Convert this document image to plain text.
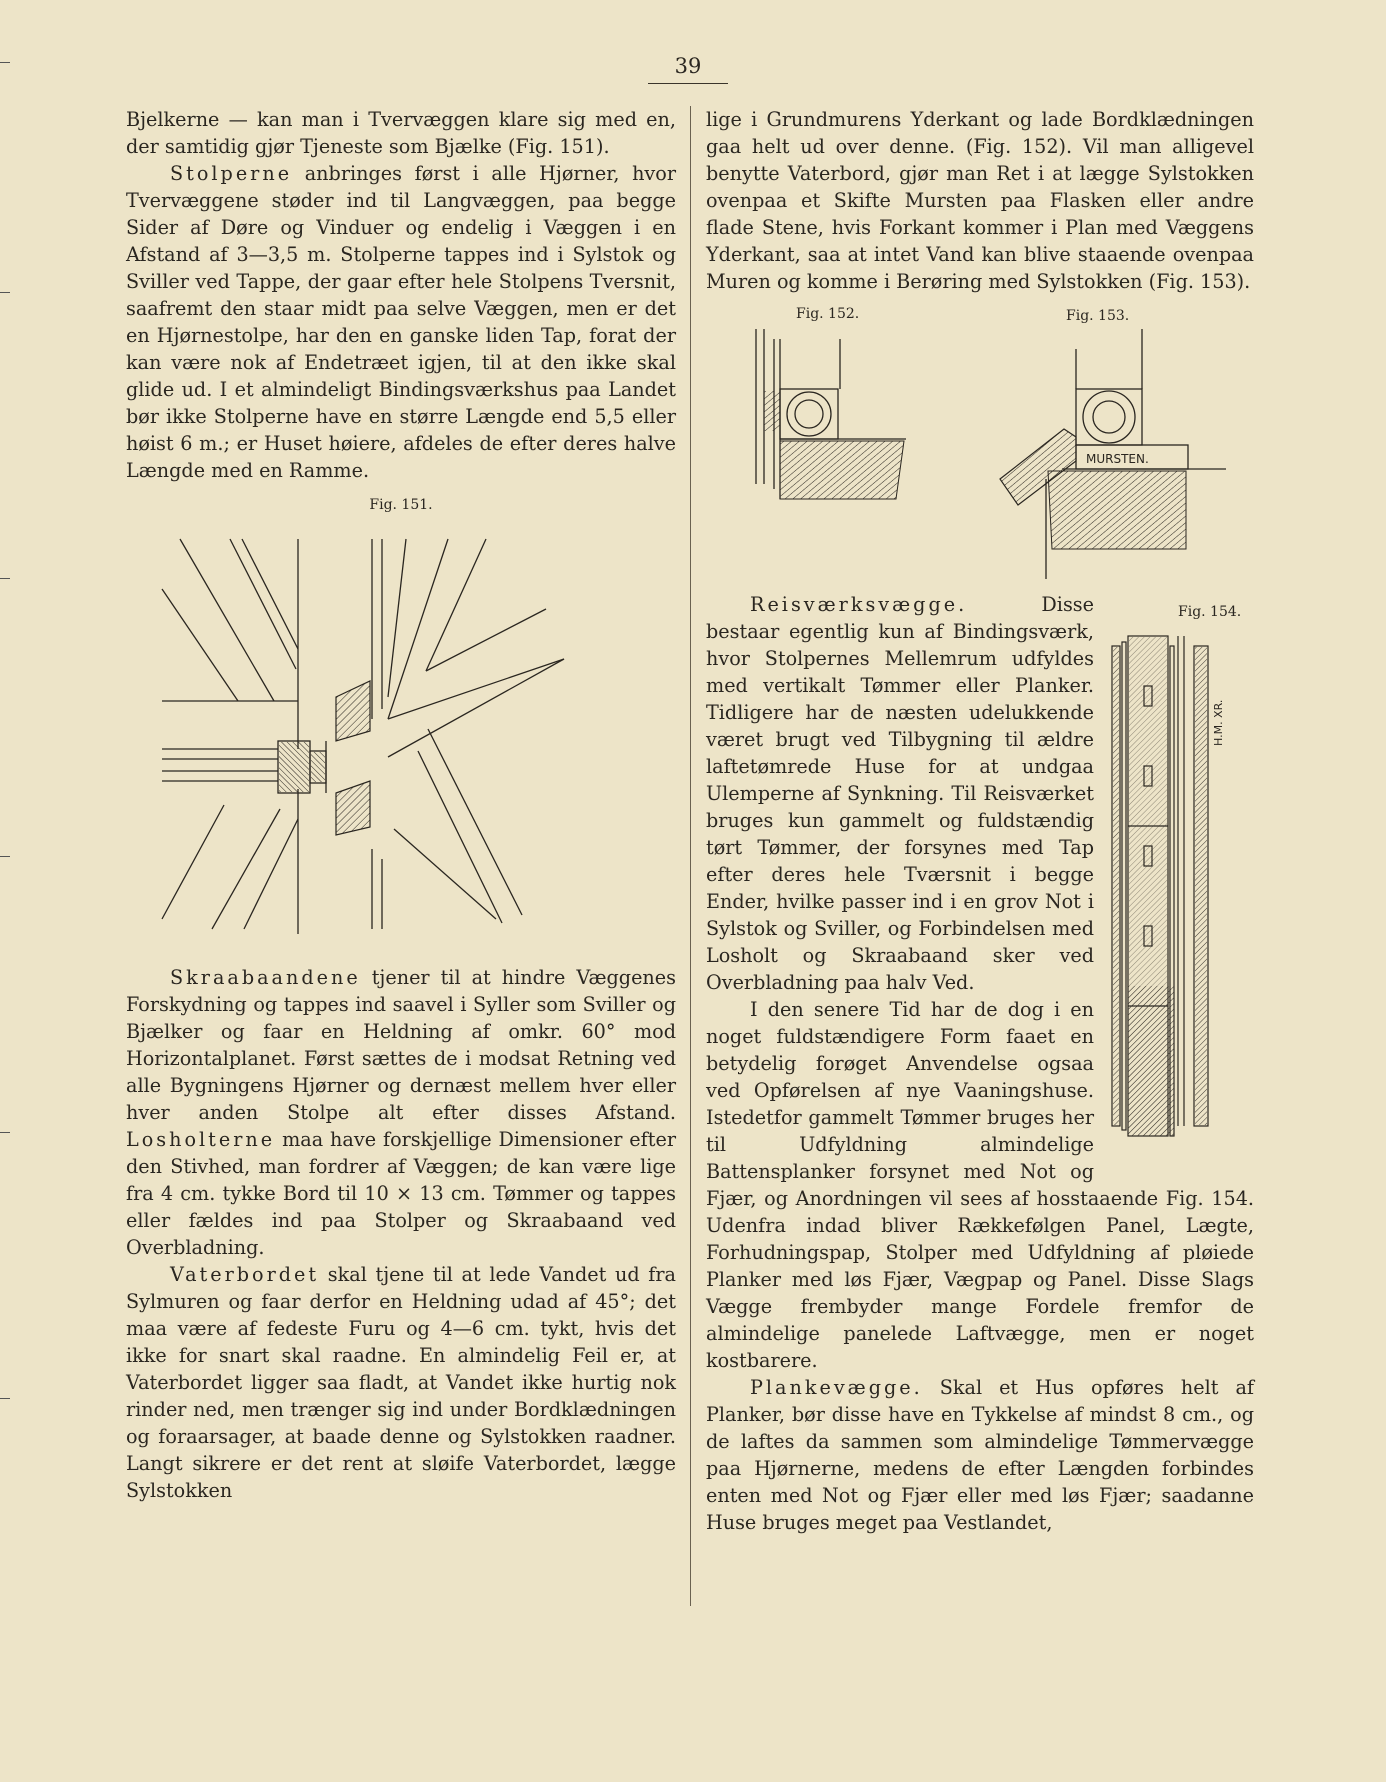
39

Bjelkerne — kan man i Tvervæggen klare sig med en, der samtidig gjør Tjeneste som Bjælke (Fig. 151).

Stolperne anbringes først i alle Hjørner, hvor Tvervæggene støder ind til Langvæggen, paa begge Sider af Døre og Vinduer og endelig i Væggen i en Afstand af 3—3,5 m. Stolperne tappes ind i Sylstok og Sviller ved Tappe, der gaar efter hele Stolpens Tversnit, saafremt den staar midt paa selve Væggen, men er det en Hjørnestolpe, har den en ganske liden Tap, forat der kan være nok af Endetræet igjen, til at den ikke skal glide ud. I et almindeligt Bindingsværkshus paa Landet bør ikke Stolperne have en større Længde end 5,5 eller høist 6 m.; er Huset høiere, afdeles de efter deres halve Længde med en Ramme.

Fig. 151.

Skraabaandene tjener til at hindre Væggenes Forskydning og tappes ind saavel i Syller som Sviller og Bjælker og faar en Heldning af omkr. 60° mod Horizontalplanet. Først sættes de i modsat Retning ved alle Bygningens Hjørner og dernæst mellem hver eller hver anden Stolpe alt efter disses Afstand. Losholterne maa have forskjellige Dimensioner efter den Stivhed, man fordrer af Væggen; de kan være lige fra 4 cm. tykke Bord til 10 × 13 cm. Tømmer og tappes eller fældes ind paa Stolper og Skraabaand ved Overbladning.

Vaterbordet skal tjene til at lede Vandet ud fra Sylmuren og faar derfor en Heldning udad af 45°; det maa være af fedeste Furu og 4—6 cm. tykt, hvis det ikke for snart skal raadne. En almindelig Feil er, at Vaterbordet ligger saa fladt, at Vandet ikke hurtig nok rinder ned, men trænger sig ind under Bordklædningen og foraarsager, at baade denne og Sylstokken raadner. Langt sikrere er det rent at sløife Vaterbordet, lægge Sylstokken

lige i Grundmurens Yderkant og lade Bordklædningen gaa helt ud over denne. (Fig. 152). Vil man alligevel benytte Vaterbord, gjør man Ret i at lægge Sylstokken ovenpaa et Skifte Mursten paa Flasken eller andre flade Stene, hvis Forkant kommer i Plan med Væggens Yderkant, saa at intet Vand kan blive staaende ovenpaa Muren og komme i Berøring med Sylstokken (Fig. 153).

Fig. 152.	Fig. 153.
MURSTEN.

Fig. 154.
H.M. XR.
Reisværksvægge.	Disse bestaar egentlig kun af Bindingsværk, hvor Stolpernes Mellemrum udfyldes med vertikalt Tømmer eller Planker. Tidligere har de næsten udelukkende været brugt ved Tilbygning til ældre laftetømrede Huse for at undgaa Ulemperne af Synkning. Til Reisværket bruges kun gammelt og fuldstændig tørt Tømmer, der forsynes med Tap efter deres hele Tværsnit i begge Ender, hvilke passer ind i en grov Not i Sylstok og Sviller, og Forbindelsen med Losholt og Skraabaand sker ved Overbladning paa halv Ved.

I den senere Tid har de dog i en noget fuldstændigere Form faaet en betydelig forøget Anvendelse ogsaa ved Opførelsen af nye Vaaningshuse. Istedetfor gammelt Tømmer bruges her til Udfyldning almindelige Battensplanker forsynet med Not og Fjær, og Anordningen vil sees af hosstaaende Fig. 154. Udenfra indad bliver Rækkefølgen Panel, Lægte, Forhudningspap, Stolper med Udfyldning af pløiede Planker med løs Fjær, Vægpap og Panel. Disse Slags Vægge frembyder mange Fordele fremfor de almindelige panelede Laftvægge, men er noget kostbarere.

Plankevægge. Skal et Hus opføres helt af Planker, bør disse have en Tykkelse af mindst 8 cm., og de laftes da sammen som almindelige Tømmervægge paa Hjørnerne, medens de efter Længden forbindes enten med Not og Fjær eller med løs Fjær; saadanne Huse bruges meget paa Vestlandet,
